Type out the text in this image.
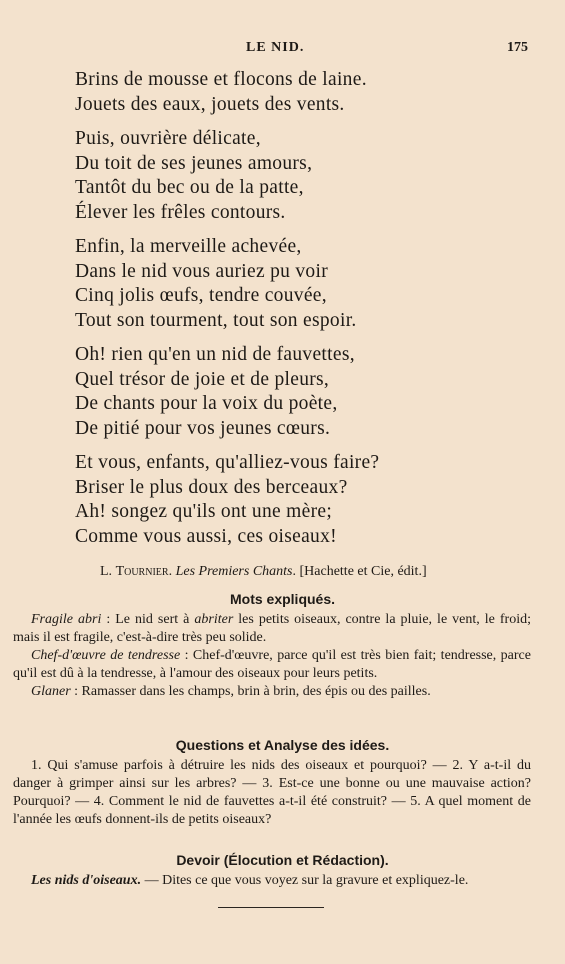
LE NID.	175
Brins de mousse et flocons de laine.
Jouets des eaux, jouets des vents.
Puis, ouvrière délicate,
Du toit de ses jeunes amours,
Tantôt du bec ou de la patte,
Élever les frêles contours.
Enfin, la merveille achevée,
Dans le nid vous auriez pu voir
Cinq jolis œufs, tendre couvée,
Tout son tourment, tout son espoir.
Oh! rien qu'en un nid de fauvettes,
Quel trésor de joie et de pleurs,
De chants pour la voix du poète,
De pitié pour vos jeunes cœurs.
Et vous, enfants, qu'alliez-vous faire?
Briser le plus doux des berceaux?
Ah! songez qu'ils ont une mère;
Comme vous aussi, ces oiseaux!
L. Tournier. Les Premiers Chants. [Hachette et Cie, édit.]
Mots expliqués.

Fragile abri : Le nid sert à abriter les petits oiseaux, contre la pluie, le vent, le froid; mais il est fragile, c'est-à-dire très peu solide.

Chef-d'œuvre de tendresse : Chef-d'œuvre, parce qu'il est très bien fait; tendresse, parce qu'il est dû à la tendresse, à l'amour des oiseaux pour leurs petits.

Glaner : Ramasser dans les champs, brin à brin, des épis ou des pailles.

Questions et Analyse des idées.

1. Qui s'amuse parfois à détruire les nids des oiseaux et pourquoi? — 2. Y a-t-il du danger à grimper ainsi sur les arbres? — 3. Est-ce une bonne ou une mauvaise action? Pourquoi? — 4. Comment le nid de fauvettes a-t-il été construit? — 5. A quel moment de l'année les œufs donnent-ils de petits oiseaux?

Devoir (Élocution et Rédaction).

Les nids d'oiseaux. — Dites ce que vous voyez sur la gravure et expliquez-le.
